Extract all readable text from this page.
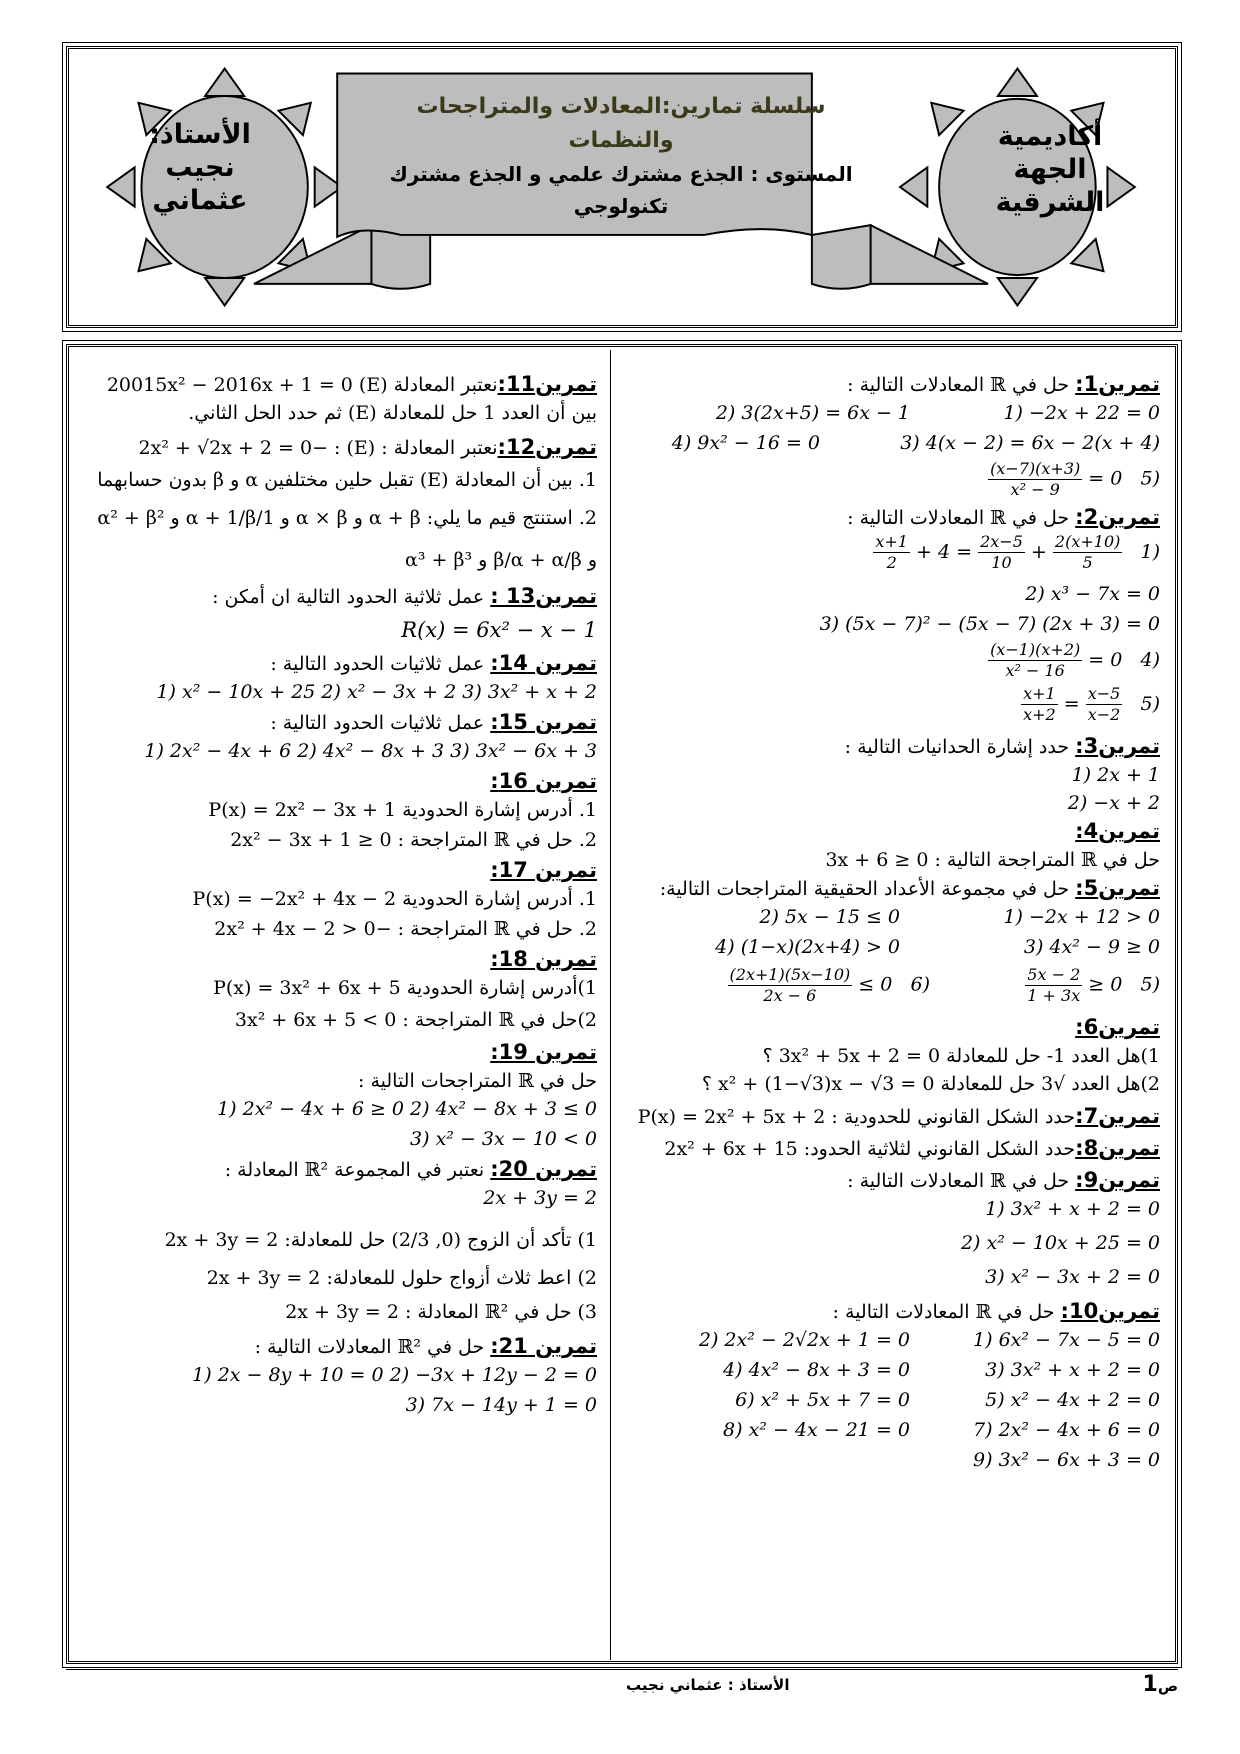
الأستاذ:
نجيب
عثماني
أكاديمية
الجهة
الشرقية
سلسلة تمارين:المعادلات والمتراجحات والنظمات
المستوى : الجذع مشترك علمي و الجذع مشترك تكنولوجي
تمرين1: حل في ℝ المعادلات التالية :
1) −2x + 22 = 0
2) 3(2x+5) = 6x − 1
3) 4(x − 2) = 6x − 2(x + 4)
4) 9x² − 16 = 0
$\frac{(x-7)(x+3)}{\text{x² − 9}} = 0$ 5)
تمرين2: حل في ℝ المعادلات التالية :
$\frac{x+1}{2} + 4 = \frac{2x-5}{10} + \frac{2(x+10)}{5} 1$)
2) x³ − 7x = 0
3) (5x − 7)² − (5x − 7) (2x + 3) = 0
$\frac{(x-1)(x+2)}{\text{x² − 16}} = 0$ 4)
$\frac{x+1}{x+2} = \frac{x-5}{x-2} 5$)
تمرين3: حدد إشارة الحدانيات التالية :
1) 2x + 1
2) −x + 2
تمرين4:
حل في ℝ المتراجحة التالية : 3x + 6 ≥ 0
تمرين5: حل في مجموعة الأعداد الحقيقية المتراجحات التالية:
1) −2x + 12 > 0
2) 5x − 15 ≤ 0
3) 4x² − 9 ≥ 0
4) (1−x)(2x+4) > 0
$\frac{5x - 2}{1 + 3x} \ge 0$ 5)
$\frac{(2x+1)(5x-10)}{2x - 6} \le 0$ 6)
تمرين6:
1)هل العدد 1- حل للمعادلة 3x² + 5x + 2 = 0 ؟
2)هل العدد √3 حل للمعادلة x² + (1−√3)x − √3 = 0 ؟
تمرين7:حدد الشكل القانوني للحدودية : P(x) = 2x² + 5x + 2
تمرين8:حدد الشكل القانوني لثلاثية الحدود: 2x² + 6x + 15
تمرين9: حل في ℝ المعادلات التالية :
1) 3x² + x + 2 = 0
2) x² − 10x + 25 = 0
3) x² − 3x + 2 = 0
تمرين10: حل في ℝ المعادلات التالية :
1) 6x² − 7x − 5 = 0
2) 2x² − 2√2x + 1 = 0
3) 3x² + x + 2 = 0
4) 4x² − 8x + 3 = 0
5) x² − 4x + 2 = 0
6) x² + 5x + 7 = 0
7) 2x² − 4x + 6 = 0
8) x² − 4x − 21 = 0
9) 3x² − 6x + 3 = 0
تمرين11:نعتبر المعادلة (E) 20015x² − 2016x + 1 = 0
بين أن العدد 1 حل للمعادلة (E) ثم حدد الحل الثاني.
تمرين12:نعتبر المعادلة : (E) : −2x² + √2x + 2 = 0
1. بين أن المعادلة (E) تقبل حلين مختلفين α و β بدون حسابهما
2. استنتج قيم ما يلي: α + β و α × β و 1/α + 1/β و α² + β²
و β/α + α/β و α³ + β³
تمرين13 : عمل ثلاثية الحدود التالية ان أمكن :
R(x) = 6x² − x − 1
تمرين 14: عمل ثلاثيات الحدود التالية :
1) x² − 10x + 25 2) x² − 3x + 2 3) 3x² + x + 2
تمرين 15: عمل ثلاثيات الحدود التالية :
1) 2x² − 4x + 6 2) 4x² − 8x + 3 3) 3x² − 6x + 3
تمرين 16:
1. أدرس إشارة الحدودية P(x) = 2x² − 3x + 1
2. حل في ℝ المتراجحة : 2x² − 3x + 1 ≥ 0
تمرين 17:
1. أدرس إشارة الحدودية P(x) = −2x² + 4x − 2
2. حل في ℝ المتراجحة : −2x² + 4x − 2 > 0
تمرين 18:
1)أدرس إشارة الحدودية P(x) = 3x² + 6x + 5
2)حل في ℝ المتراجحة : 3x² + 6x + 5 < 0
تمرين 19:
حل في ℝ المتراجحات التالية :
1) 2x² − 4x + 6 ≥ 0 2) 4x² − 8x + 3 ≤ 0
3) x² − 3x − 10 < 0
تمرين 20: نعتبر في المجموعة ℝ² المعادلة :
2x + 3y = 2
1) تأكد أن الزوج (0, 2/3) حل للمعادلة: 2x + 3y = 2
2) اعط ثلاث أزواج حلول للمعادلة: 2x + 3y = 2
3) حل في ℝ² المعادلة : 2x + 3y = 2
تمرين 21: حل في ℝ² المعادلات التالية :
1) 2x − 8y + 10 = 0 2) −3x + 12y − 2 = 0
3) 7x − 14y + 1 = 0
ص1
الأستاذ : عثماني نجيب
